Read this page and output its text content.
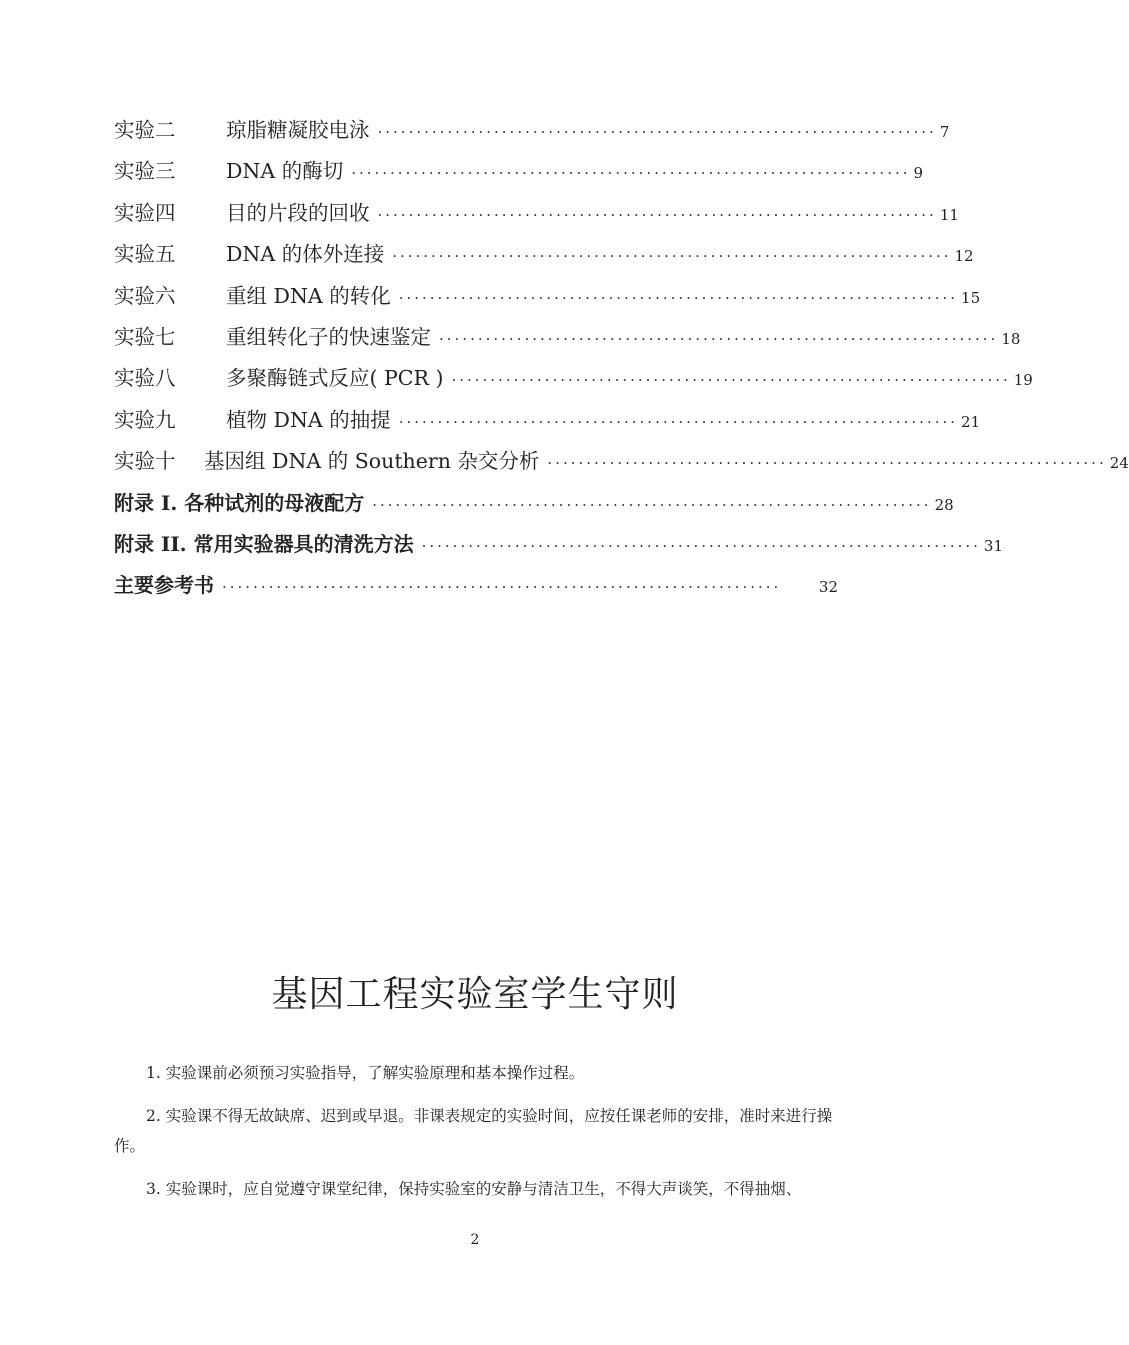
实验二	琼脂糖凝胶电泳 ········································································ 7
实验三	DNA 的酶切 ········································································ 9
实验四	目的片段的回收 ········································································ 11
实验五	DNA 的体外连接 ········································································ 12
实验六	重组 DNA 的转化 ········································································ 15
实验七	重组转化子的快速鉴定 ········································································ 18
实验八	多聚酶链式反应( PCR ) ········································································ 19
实验九	植物 DNA 的抽提 ········································································ 21
实验十	基因组 DNA 的 Southern 杂交分析 ········································································ 24
附录 I. 各种试剂的母液配方 ········································································ 28
附录 II. 常用实验器具的清洗方法 ········································································ 31
主要参考书 ········································································	32
基因工程实验室学生守则

1. 实验课前必须预习实验指导，了解实验原理和基本操作过程。

2. 实验课不得无故缺席、迟到或早退。非课表规定的实验时间，应按任课老师的安排，准时来进行操作。

3. 实验课时，应自觉遵守课堂纪律，保持实验室的安静与清洁卫生，不得大声谈笑，不得抽烟、

2
